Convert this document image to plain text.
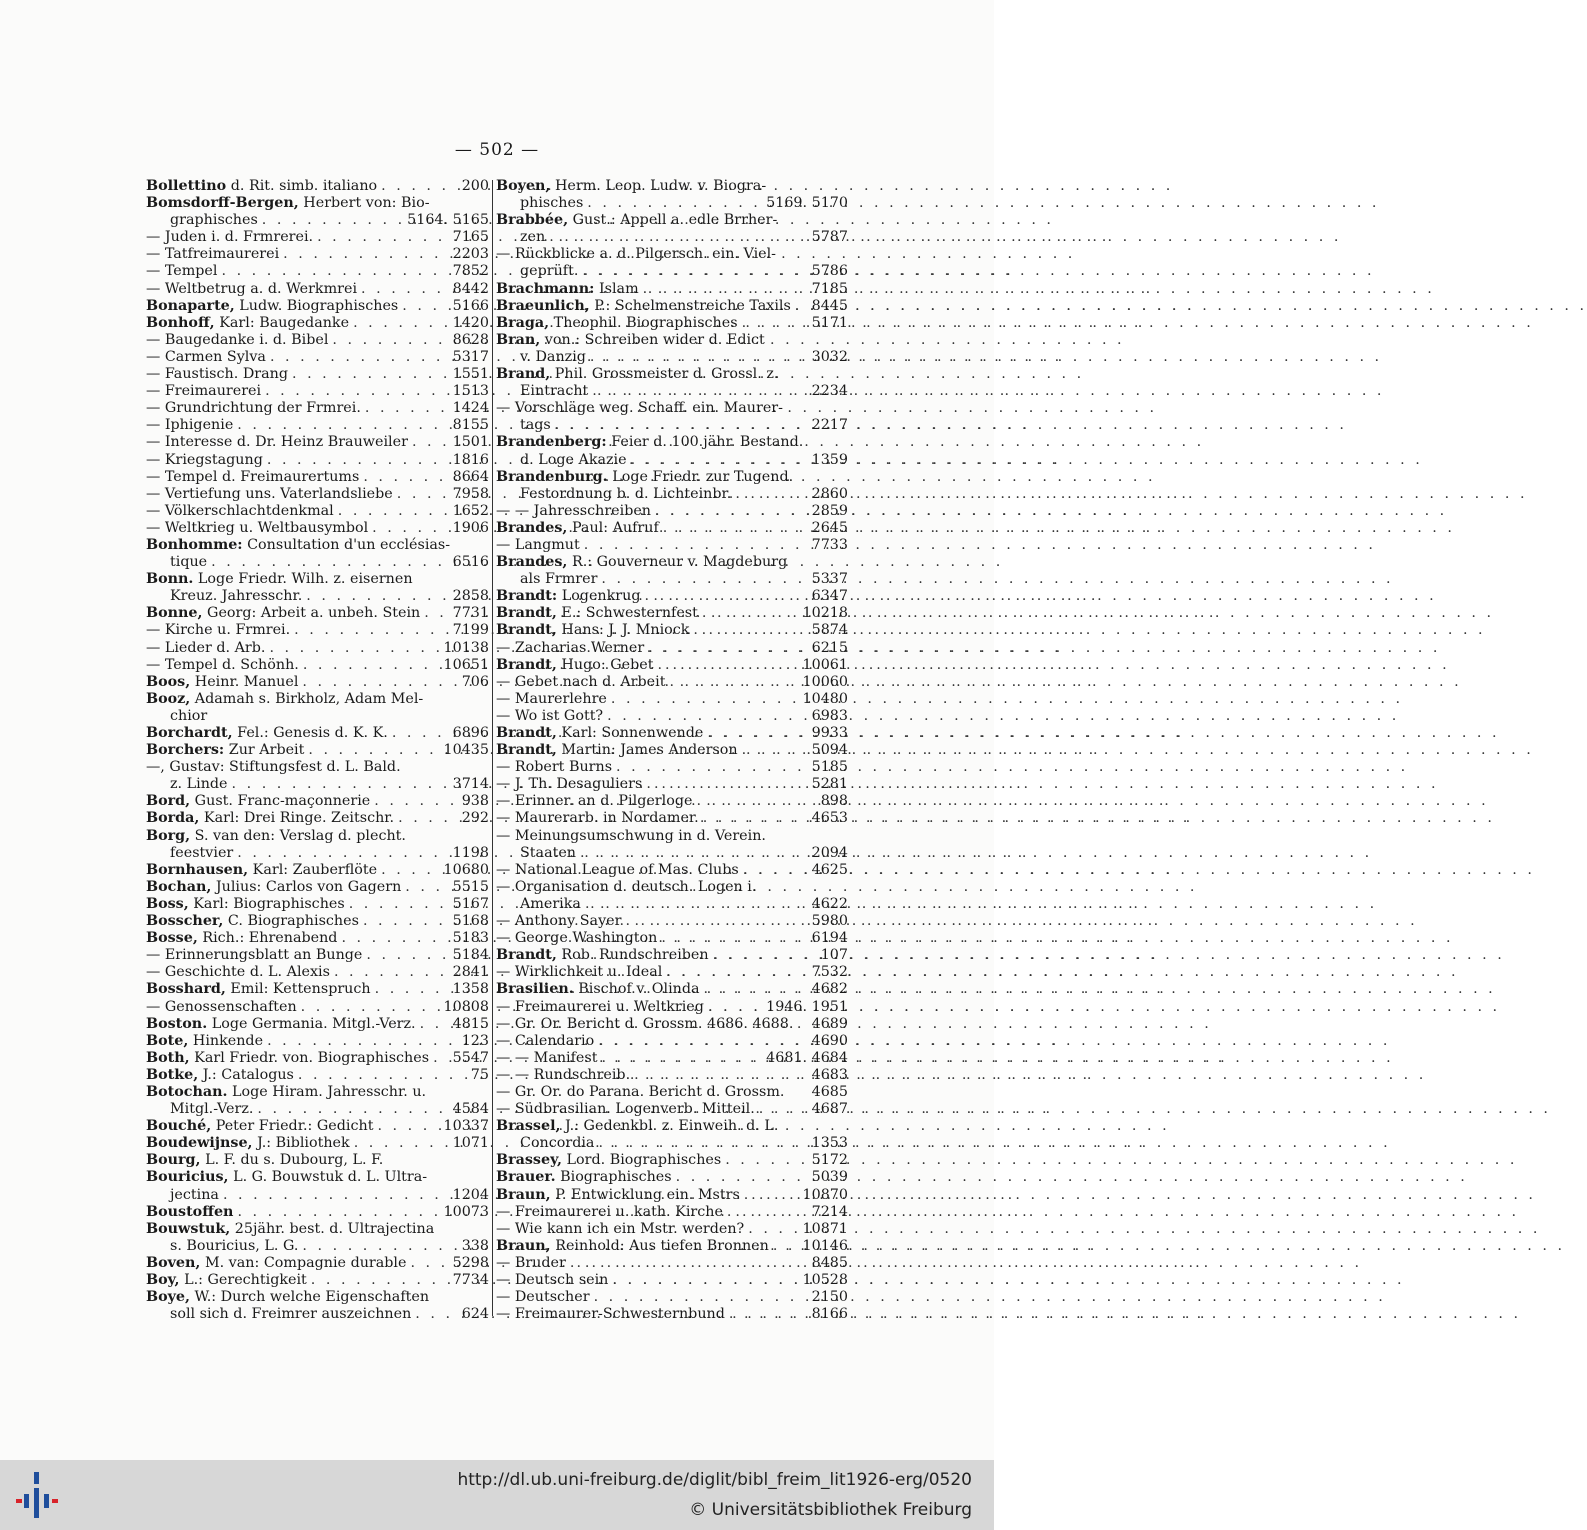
— 502 —
Bollettino d. Rit. simb. italiano . . .	200
Bomsdorff-Bergen, Herbert von: Bio-
graphisches . . .	5164. 5165
— Juden i. d. Frmrerei. . . .	7165
— Tatfreimaurerei . . .	2203
— Tempel . . .	7852
— Weltbetrug a. d. Werkmrei . . .	8442
Bonaparte, Ludw. Biographisches . . .	5166
Bonhoff, Karl: Baugedanke . . .	1420
— Baugedanke i. d. Bibel . . .	8628
— Carmen Sylva . . .	5317
— Faustisch. Drang . . .	1551
— Freimaurerei . . .	1513
— Grundrichtung der Frmrei. . . .	1424
— Iphigenie . . .	8155
— Interesse d. Dr. Heinz Brauweiler . . .	1501
— Kriegstagung . . .	1816
— Tempel d. Freimaurertums . . .	8664
— Vertiefung uns. Vaterlandsliebe . . .	7958
— Völkerschlachtdenkmal . . .	1652
— Weltkrieg u. Weltbausymbol . . .	1906
Bonhomme: Consultation d'un ecclésias-
tique . . .	6516
Bonn. Loge Friedr. Wilh. z. eisernen
Kreuz. Jahresschr. . . .	2858
Bonne, Georg: Arbeit a. unbeh. Stein . . . 7731
— Kirche u. Frmrei. . . .	7199
— Lieder d. Arb. . . .	10138
— Tempel d. Schönh. . . .	10651
Boos, Heinr. Manuel . . .	706
Booz, Adamah s. Birkholz, Adam Mel-
chior
Borchardt, Fel.: Genesis d. K. K. . . .	6896
Borchers: Zur Arbeit . . .	10435
—, Gustav: Stiftungsfest d. L. Bald.
z. Linde . . .	3714
Bord, Gust. Franc-maçonnerie . . .	938
Borda, Karl: Drei Ringe. Zeitschr. . . .	292
Borg, S. van den: Verslag d. plecht.
feestvier . . .	1198
Bornhausen, Karl: Zauberflöte . . .	10680
Bochan, Julius: Carlos von Gagern . . .	5515
Boss, Karl: Biographisches . . .	5167
Bosscher, C. Biographisches . . .	5168
Bosse, Rich.: Ehrenabend . . .	5183
— Erinnerungsblatt an Bunge . . .	5184
— Geschichte d. L. Alexis . . .	2841
Bosshard, Emil: Kettenspruch . . .	1358
— Genossenschaften . . .	10808
Boston. Loge Germania. Mitgl.-Verz. . . .	4815
Bote, Hinkende . . .	123
Both, Karl Friedr. von. Biographisches . . . 5547
Botke, J.: Catalogus . . .	75
Botochan. Loge Hiram. Jahresschr. u.
Mitgl.-Verz. . . .	4584
Bouché, Peter Friedr.: Gedicht . . .	10337
Boudewijnse, J.: Bibliothek . . .	1071
Bourg, L. F. du s. Dubourg, L. F.
Bouricius, L. G. Bouwstuk d. L. Ultra-
jectina . . .	1204
Boustoffen . . .	10073
Bouwstuk, 25jähr. best. d. Ultrajectina
s. Bouricius, L. G. . . .	338
Boven, M. van: Compagnie durable . . .	5298
Boy, L.: Gerechtigkeit . . .	7734
Boye, W.: Durch welche Eigenschaften
soll sich d. Freimrer auszeichnen . . .	624
Boyen, Herm. Leop. Ludw. v. Biogra-
phisches . . .	5169. 5170
Brabbée, Gust.: Appell a. edle Brrher-
zen . . .	5787
— Rückblicke a. d. Pilgersch. ein. Viel-
geprüft. . . .	5786
Brachmann: Islam . . .	7185
Braeunlich, P.: Schelmenstreiche Taxils . . . 8445
Braga, Theophil. Biographisches . . .	5171
Bran, von.: Schreiben wider d. Edict
v. Danzig . . .	3032
Brand, Phil. Grossmeister d. Grossl. z.
Eintracht . . .	2234
— Vorschläge weg. Schaff. ein. Maurer-
tags . . .	2217
Brandenberg: Feier d. 100 jähr. Bestand.
d. Loge Akazie . . .	1359
Brandenburg. Loge Friedr. zur Tugend.
Festordnung b. d. Lichteinbr. . . .	2860
— — Jahresschreiben . . .	2859
Brandes, Paul: Aufruf . . .	2645
— Langmut . . .	7733
Brandes, R.: Gouverneur v. Magdeburg
als Frmrer . . .	5337
Brandt: Logenkrug . . .	6347
Brandt, E.: Schwesternfest . . .	10218
Brandt, Hans: J. J. Mniock . . .	5874
— Zacharias Werner . . .	6215
Brandt, Hugo: Gebet . . .	10061
— Gebet nach d. Arbeit . . .	10060
— Maurerlehre . . .	10480
— Wo ist Gott? . . .	6983
Brandt, Karl: Sonnenwende . . .	9933
Brandt, Martin: James Anderson . . .	5094
— Robert Burns . . .	5185
— J. Th. Desaguliers . . .	5281
— Erinner. an d. Pilgerloge . . .	898
— Maurerarb. in Nordamer. . . .	4653
— Meinungsumschwung in d. Verein.
Staaten . . .	2094
— National League of Mas. Clubs . . .	4625
— Organisation d. deutsch. Logen i.
Amerika . . .	4622
— Anthony Sayer . . .	5980
— George Washington . . .	6194
Brandt, Rob. Rundschreiben . . .	107
— Wirklichkeit u. Ideal . . .	7532
Brasilien. Bischof v. Olinda . . .	4682
— Freimaurerei u. Weltkrieg . . .	1946. 1951
— Gr. Or. Bericht d. Grossm. 4686. 4688. 4689
— Calendario . . .	4690
— — Manifest . . .	4681. 4684
— — Rundschreib. . . .	4683
— Gr. Or. do Parana. Bericht d. Grossm. 4685
— Südbrasilian. Logenverb. Mitteil. . . .	4687
Brassel, J.: Gedenkbl. z. Einweih. d. L.
Concordia . . .	1353
Brassey, Lord. Biographisches . . .	5172
Brauer. Biographisches . . .	5039
Braun, P. Entwicklung ein. Mstrs . . .	10870
— Freimaurerei u. kath. Kirche . . .	7214
— Wie kann ich ein Mstr. werden? . . .	10871
Braun, Reinhold: Aus tiefen Bronnen . . . 10146
— Bruder . . .	8485
— Deutsch sein . . .	10528
— Deutscher . . .	2150
— Freimaurer-Schwesternbund . . .	8166
http://dl.ub.uni-freiburg.de/diglit/bibl_freim_lit1926-erg/0520
© Universitätsbibliothek Freiburg
